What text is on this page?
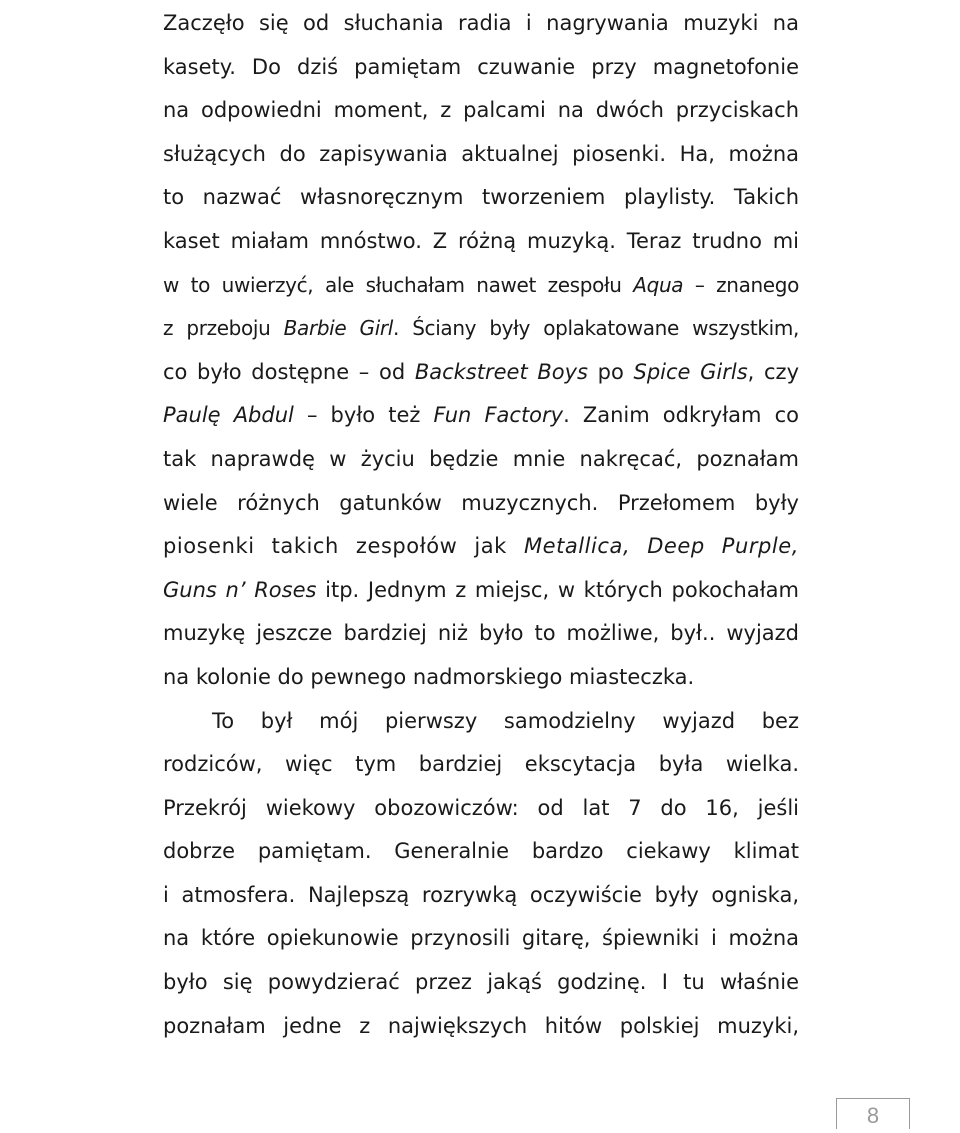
Zaczęło się od słuchania radia i nagrywania muzyki na
kasety. Do dziś pamiętam czuwanie przy magnetofonie
na odpowiedni moment, z palcami na dwóch przyciskach
służących do zapisywania aktualnej piosenki. Ha, można
to nazwać własnoręcznym tworzeniem playlisty. Takich
kaset miałam mnóstwo. Z różną muzyką. Teraz trudno mi
w to uwierzyć, ale słuchałam nawet zespołu Aqua – znanego
z przeboju Barbie Girl. Ściany były oplakatowane wszystkim,
co było dostępne – od Backstreet Boys po Spice Girls, czy
Paulę Abdul – było też Fun Factory. Zanim odkryłam co
tak naprawdę w życiu będzie mnie nakręcać, poznałam
wiele różnych gatunków muzycznych. Przełomem były
piosenki takich zespołów jak Metallica, Deep Purple,
Guns n’ Roses itp. Jednym z miejsc, w których pokochałam
muzykę jeszcze bardziej niż było to możliwe, był.. wyjazd
na kolonie do pewnego nadmorskiego miasteczka.
To był mój pierwszy samodzielny wyjazd bez
rodziców, więc tym bardziej ekscytacja była wielka.
Przekrój wiekowy obozowiczów: od lat 7 do 16, jeśli
dobrze pamiętam. Generalnie bardzo ciekawy klimat
i atmosfera. Najlepszą rozrywką oczywiście były ogniska,
na które opiekunowie przynosili gitarę, śpiewniki i można
było się powydzierać przez jakąś godzinę. I tu właśnie
poznałam jedne z największych hitów polskiej muzyki,
8
